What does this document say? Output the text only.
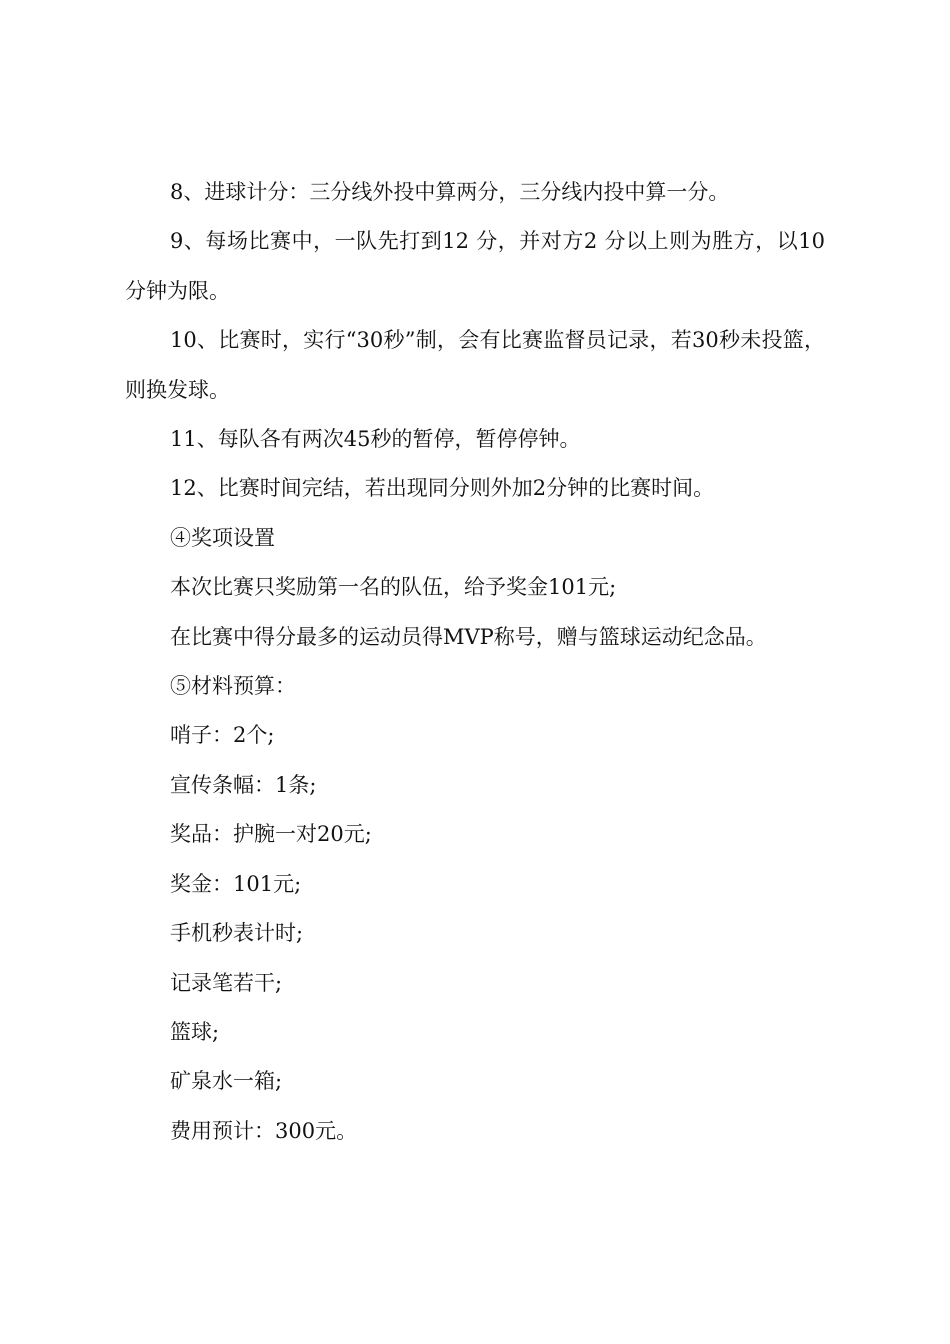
8、进球计分：三分线外投中算两分，三分线内投中算一分。

9、每场比赛中，一队先打到12 分，并对方2 分以上则为胜方，以10分钟为限。

10、比赛时，实行“30秒”制，会有比赛监督员记录，若30秒未投篮，则换发球。

11、每队各有两次45秒的暂停，暂停停钟。

12、比赛时间完结，若出现同分则外加2分钟的比赛时间。

④奖项设置

本次比赛只奖励第一名的队伍，给予奖金101元;

在比赛中得分最多的运动员得MVP称号，赠与篮球运动纪念品。

⑤材料预算：

哨子：2个;

宣传条幅：1条;

奖品：护腕一对20元;

奖金：101元;

手机秒表计时;

记录笔若干;

篮球;

矿泉水一箱;

费用预计：300元。
